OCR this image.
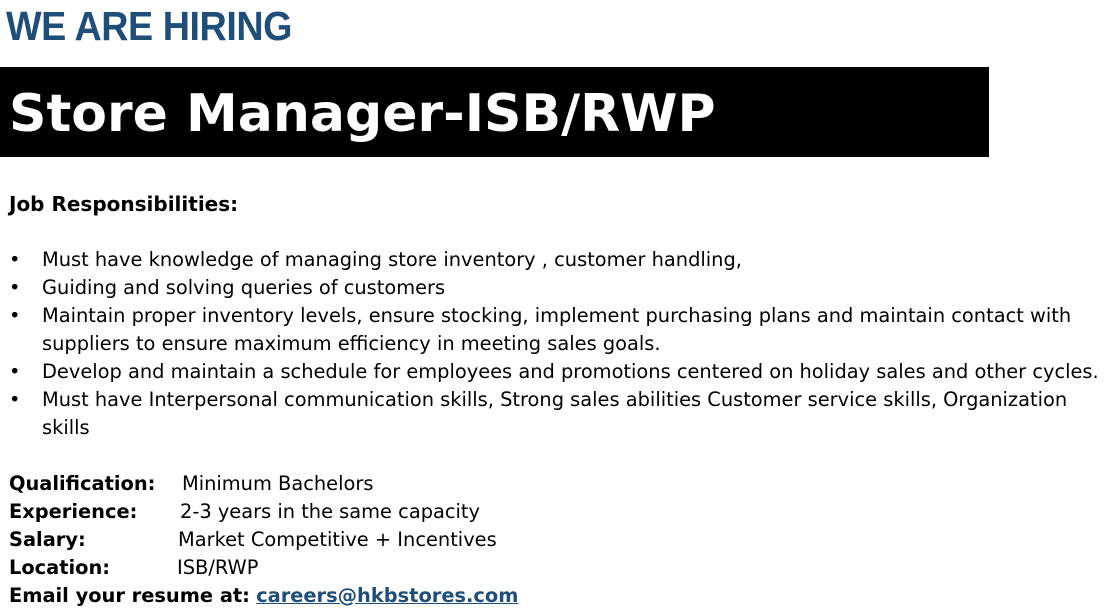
WE ARE HIRING
Store Manager-ISB/RWP
Job Responsibilities:
• Must have knowledge of managing store inventory , customer handling,
• Guiding and solving queries of customers
• Maintain proper inventory levels, ensure stocking, implement purchasing plans and maintain contact with suppliers to ensure maximum efficiency in meeting sales goals.
• Develop and maintain a schedule for employees and promotions centered on holiday sales and other cycles.
• Must have Interpersonal communication skills, Strong sales abilities Customer service skills, Organization skills
Qualification: Minimum Bachelors
Experience: 2-3 years in the same capacity
Salary:	Market Competitive + Incentives
Location:	ISB/RWP
Email your resume at: careers@hkbstores.com
